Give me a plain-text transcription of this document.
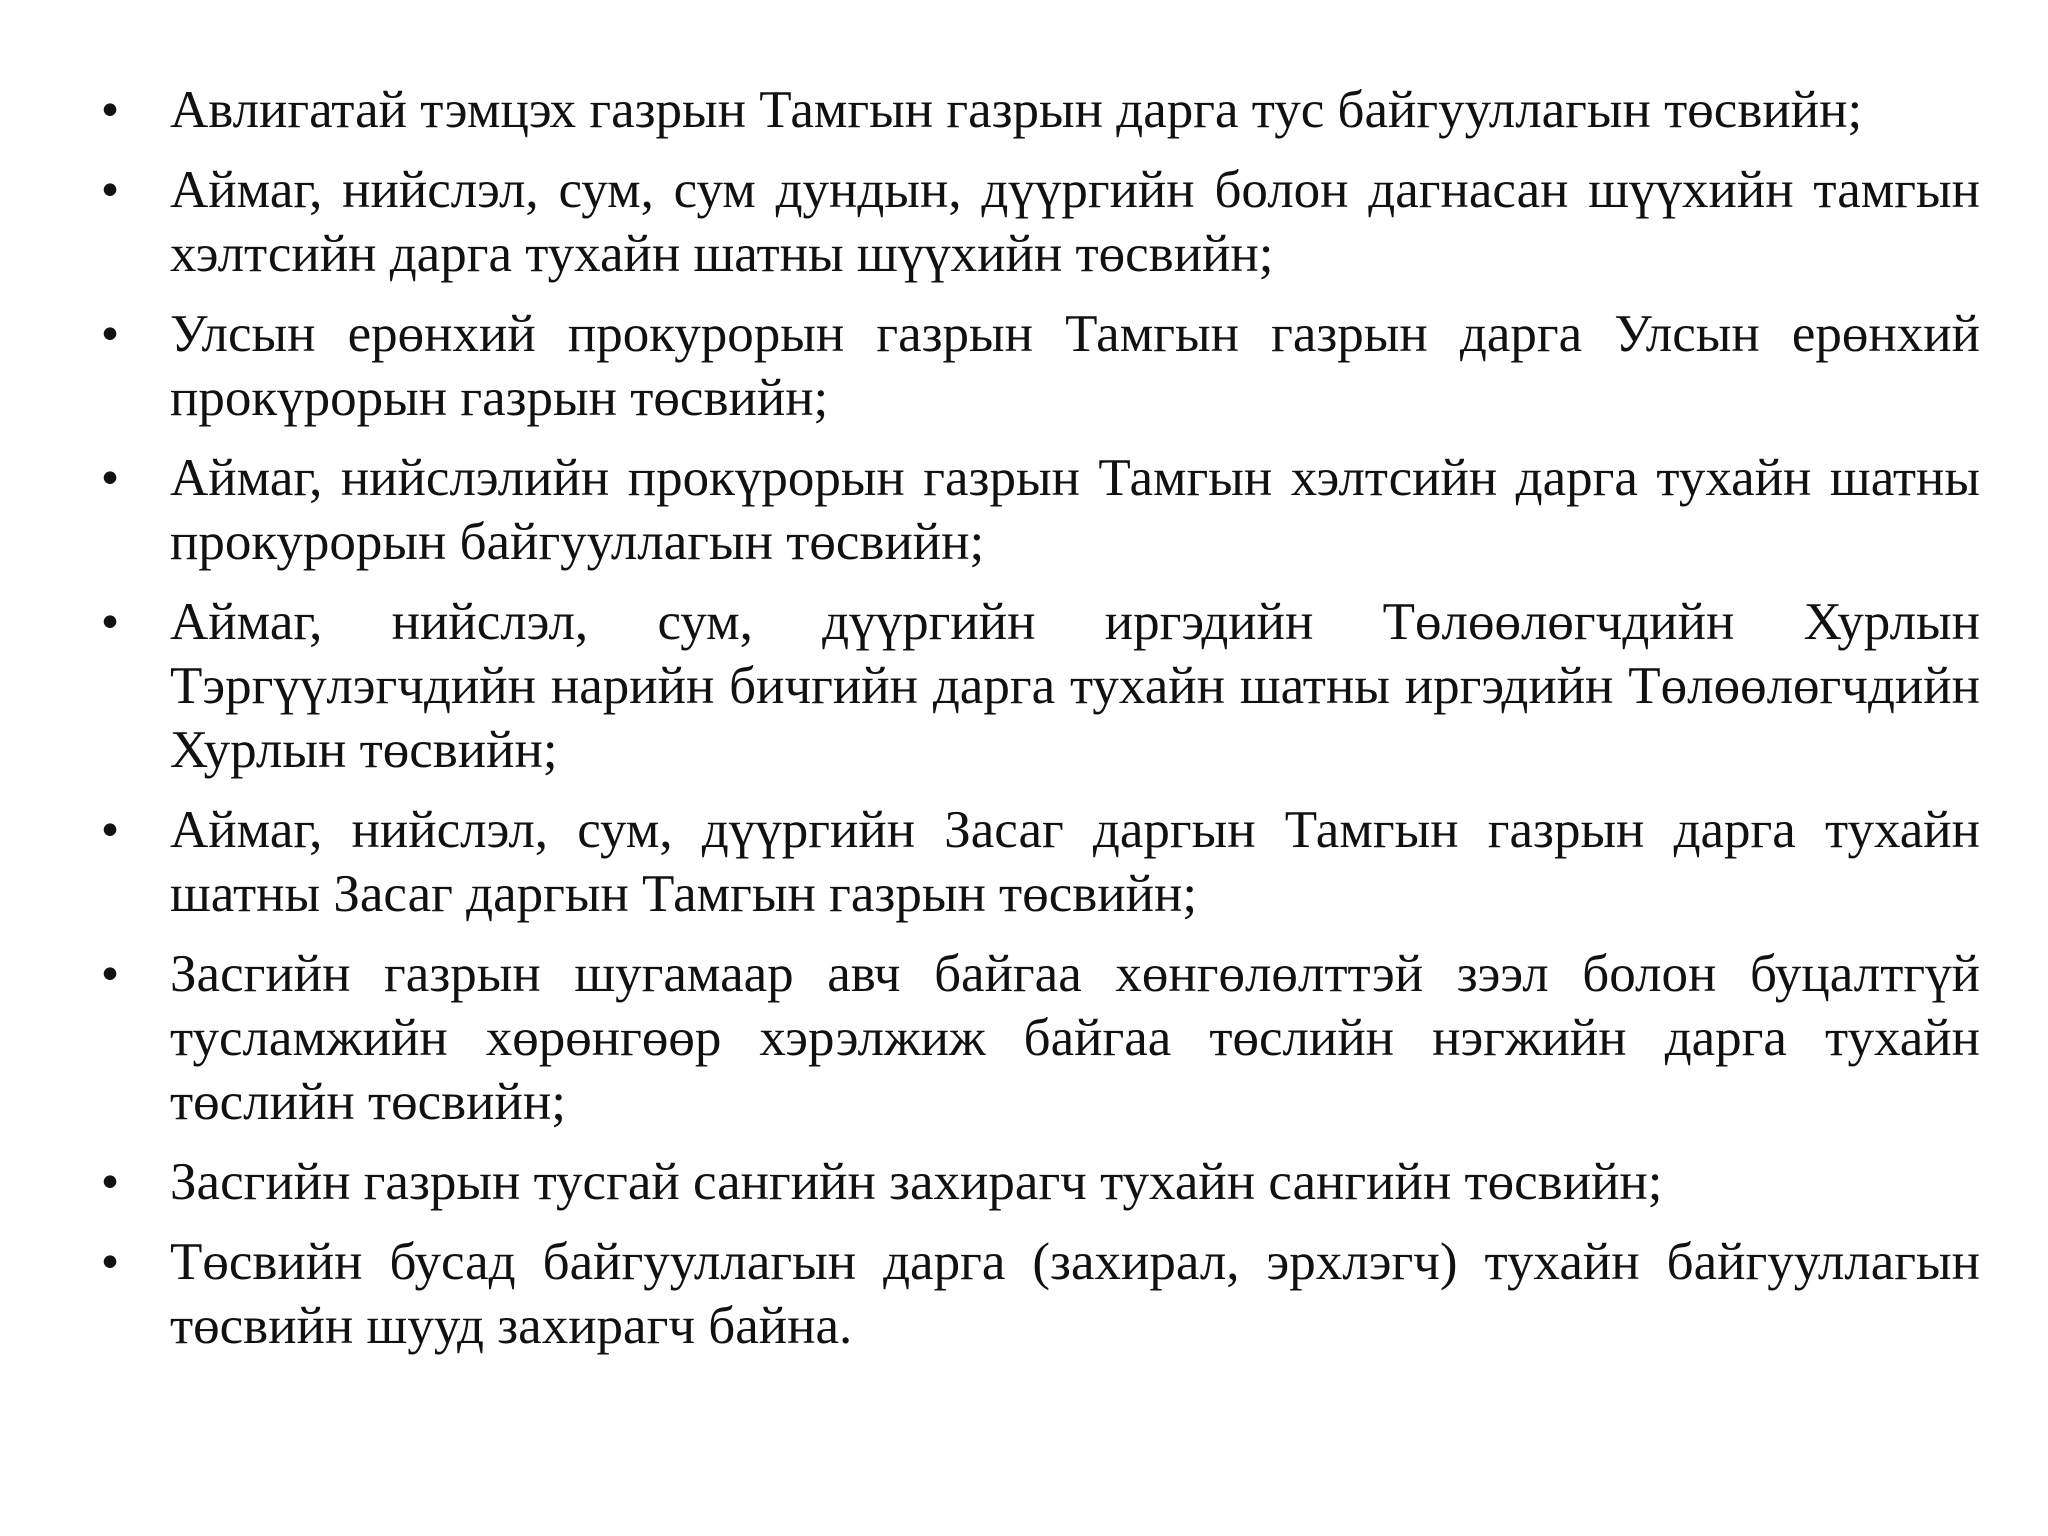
• Авлигатай тэмцэх газрын Тамгын газрын дарга тус байгууллагын төсвийн;
• Аймаг, нийслэл, сум, сум дундын, дүүргийн болон дагнасан шүүхийн тамгын хэлтсийн дарга тухайн шатны шүүхийн төсвийн;
• Улсын ерөнхий прокурорын газрын Тамгын газрын дарга Улсын ерөнхий прокүрорын газрын төсвийн;
• Аймаг, нийслэлийн прокүрорын газрын Тамгын хэлтсийн дарга тухайн шатны прокурорын байгууллагын төсвийн;
• Аймаг, нийслэл, сум, дүүргийн иргэдийн Төлөөлөгчдийн Хурлын Тэргүүлэгчдийн нарийн бичгийн дарга тухайн шатны иргэдийн Төлөөлөгчдийн Хурлын төсвийн;
• Аймаг, нийслэл, сум, дүүргийн Засаг даргын Тамгын газрын дарга тухайн шатны Засаг даргын Тамгын газрын төсвийн;
• Засгийн газрын шугамаар авч байгаа хөнгөлөлттэй зээл болон буцалтгүй тусламжийн хөрөнгөөр хэрэлжиж байгаа төслийн нэгжийн дарга тухайн төслийн төсвийн;
• Засгийн газрын тусгай сангийн захирагч тухайн сангийн төсвийн;
• Төсвийн бусад байгууллагын дарга (захирал, эрхлэгч) тухайн байгууллагын төсвийн шууд захирагч байна.
